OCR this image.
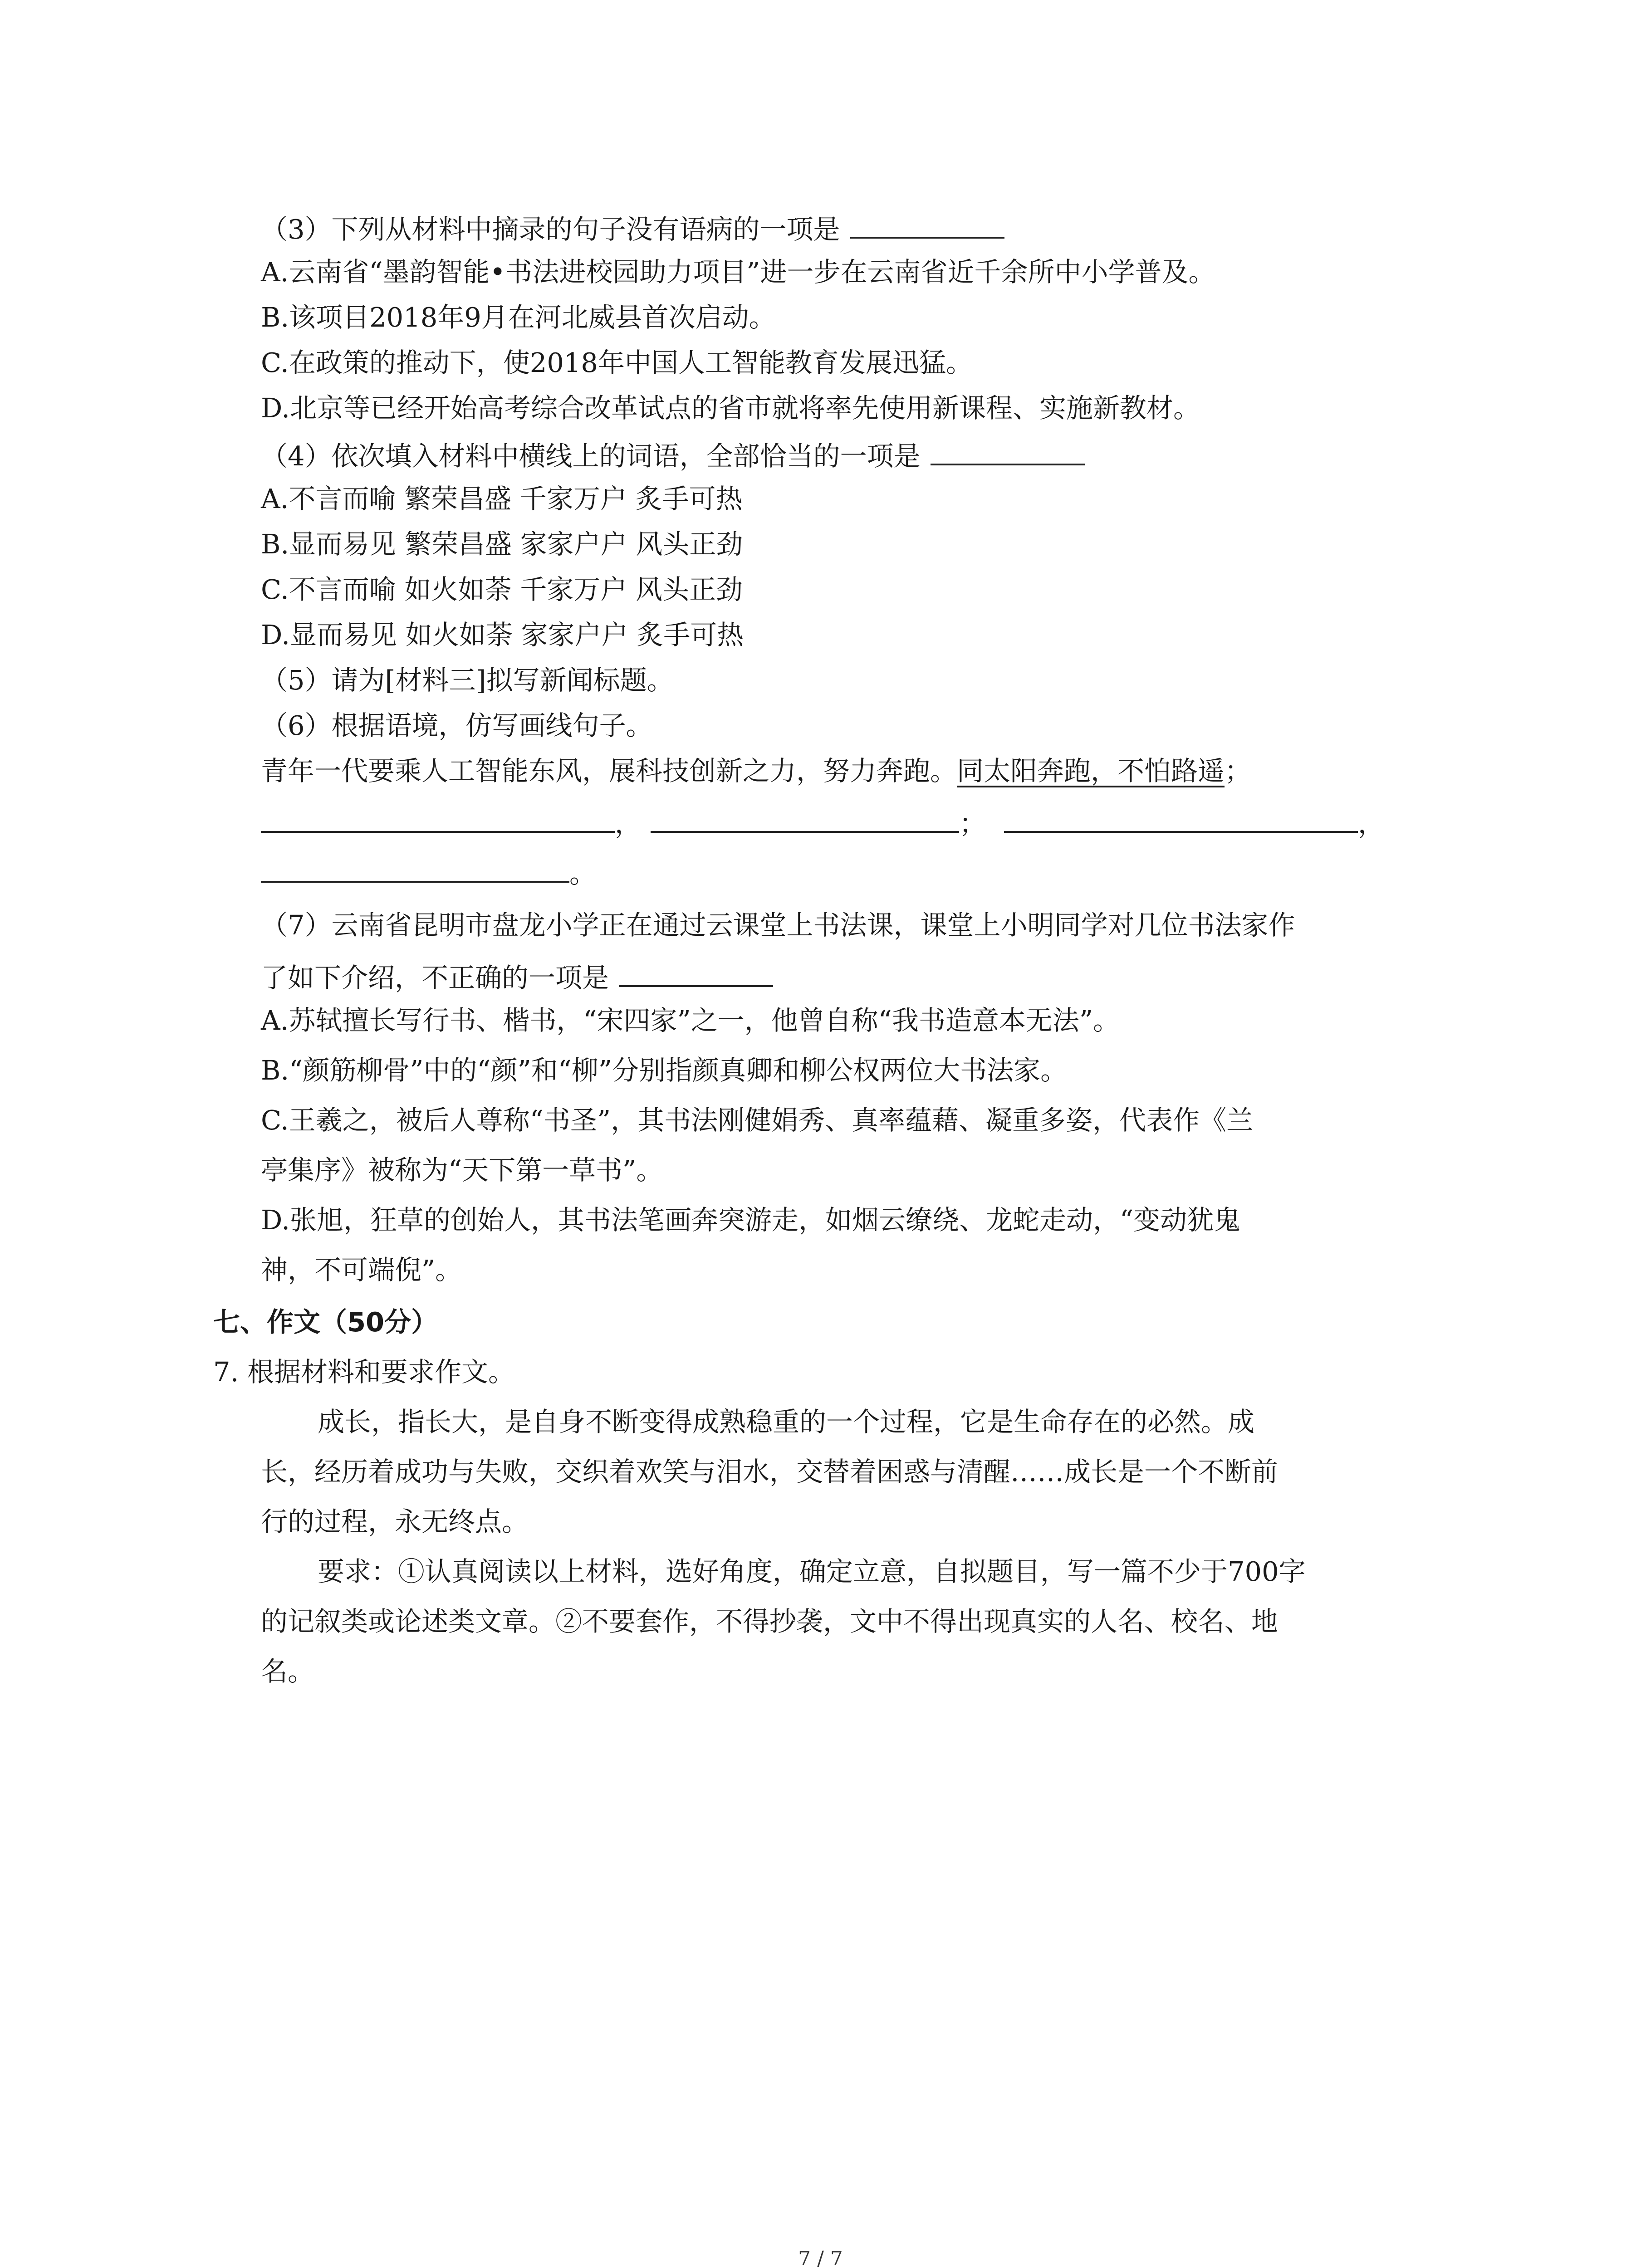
（3）下列从材料中摘录的句子没有语病的一项是
A.云南省“墨韵智能•书法进校园助力项目”进一步在云南省近千余所中小学普及。
B.该项目2018年9月在河北威县首次启动。
C.在政策的推动下，使2018年中国人工智能教育发展迅猛。
D.北京等已经开始高考综合改革试点的省市就将率先使用新课程、实施新教材。
（4）依次填入材料中横线上的词语，全部恰当的一项是
A.不言而喻 繁荣昌盛 千家万户 炙手可热
B.显而易见 繁荣昌盛 家家户户 风头正劲
C.不言而喻 如火如荼 千家万户 风头正劲
D.显而易见 如火如荼 家家户户 炙手可热
（5）请为[材料三]拟写新闻标题。
（6）根据语境，仿写画线句子。
青年一代要乘人工智能东风，展科技创新之力，努力奔跑。同太阳奔跑，不怕路遥；
，	；	，
。
（7）云南省昆明市盘龙小学正在通过云课堂上书法课，课堂上小明同学对几位书法家作
了如下介绍，不正确的一项是
A.苏轼擅长写行书、楷书，“宋四家”之一，他曾自称“我书造意本无法”。
B.“颜筋柳骨”中的“颜”和“柳”分别指颜真卿和柳公权两位大书法家。
C.王羲之，被后人尊称“书圣”，其书法刚健娟秀、真率蕴藉、凝重多姿，代表作《兰
亭集序》被称为“天下第一草书”。
D.张旭，狂草的创始人，其书法笔画奔突游走，如烟云缭绕、龙蛇走动，“变动犹鬼
神，不可端倪”。
七、作文（50分）
7. 根据材料和要求作文。
成长，指长大，是自身不断变得成熟稳重的一个过程，它是生命存在的必然。成
长，经历着成功与失败，交织着欢笑与泪水，交替着困惑与清醒……成长是一个不断前
行的过程，永无终点。
要求：①认真阅读以上材料，选好角度，确定立意，自拟题目，写一篇不少于700字
的记叙类或论述类文章。②不要套作，不得抄袭，文中不得出现真实的人名、校名、地
名。
7 / 7
